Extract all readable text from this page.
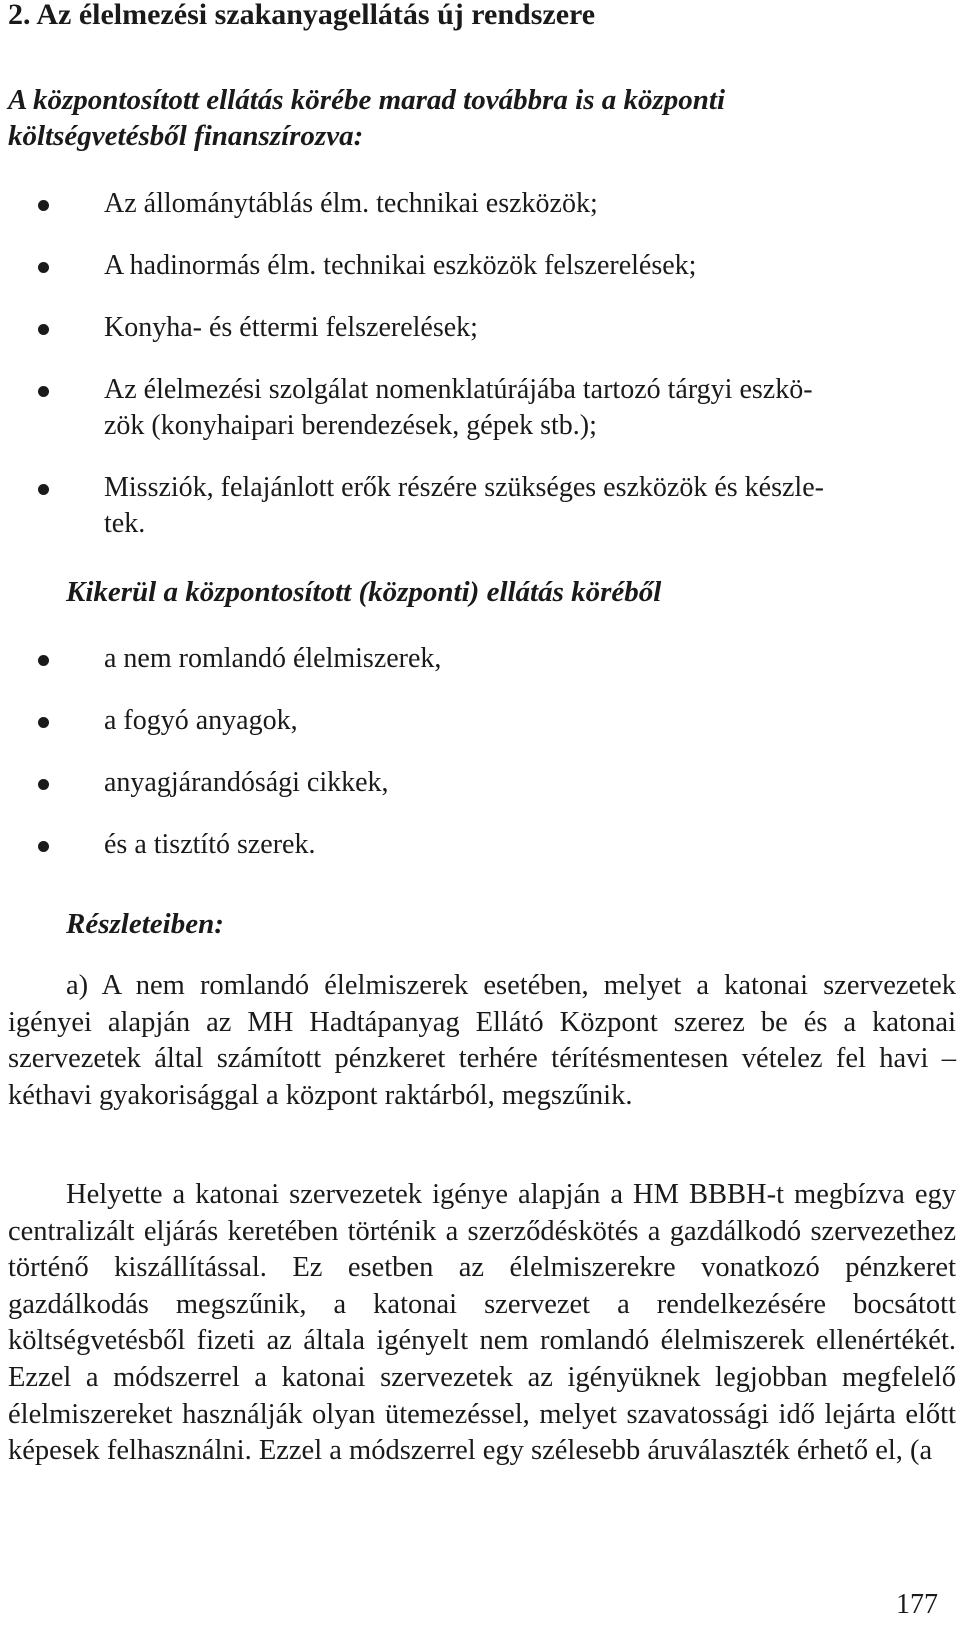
2. Az élelmezési szakanyagellátás új rendszere
A központosított ellátás körébe marad továbbra is a központi
költségvetésből finanszírozva:
Az állománytáblás élm. technikai eszközök;
A hadinormás élm. technikai eszközök felszerelések;
Konyha- és éttermi felszerelések;
Az élelmezési szolgálat nomenklatúrájába tartozó tárgyi eszkö-
zök (konyhaipari berendezések, gépek stb.);
Missziók, felajánlott erők részére szükséges eszközök és készle-
tek.
Kikerül a központosított (központi) ellátás köréből
a nem romlandó élelmiszerek,
a fogyó anyagok,
anyagjárandósági cikkek,
és a tisztító szerek.
Részleteiben:

a) A nem romlandó élelmiszerek esetében, melyet a katonai szervezetek igényei alapján az MH Hadtápanyag Ellátó Központ szerez be és a katonai szervezetek által számított pénzkeret terhére térítésmentesen vételez fel havi – kéthavi gyakorisággal a központ raktárból, megszűnik.

Helyette a katonai szervezetek igénye alapján a HM BBBH-t megbízva egy centralizált eljárás keretében történik a szerződéskötés a gazdálkodó szervezethez történő kiszállítással. Ez esetben az élelmiszerekre vonatkozó pénzkeret gazdálkodás megszűnik, a katonai szervezet a rendelkezésére bocsátott költségvetésből fizeti az általa igényelt nem romlandó élelmiszerek ellenértékét. Ezzel a módszerrel a katonai szervezetek az igényüknek legjobban megfelelő élelmiszereket használják olyan ütemezéssel, melyet szavatossági idő lejárta előtt képesek felhasználni. Ezzel a módszerrel egy szélesebb áruválaszték érhető el, (a

177
